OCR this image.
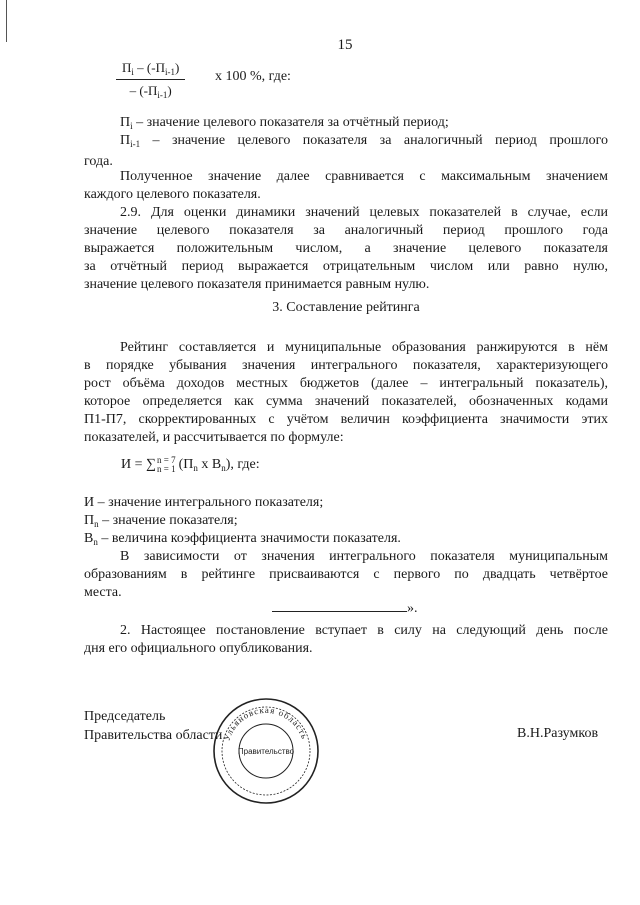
15
$П_i - (-П_{i-1})$
– $(-П_{i-1})$
x 100 %, где:

$П_i$ – значение целевого показателя за отчётный период;

$П_{i-1}$ – значение целевого показателя за аналогичный период прошлого
года.

Полученное значение далее сравнивается с максимальным значением
каждого целевого показателя.

2.9. Для оценки динамики значений целевых показателей в случае, если
значение целевого показателя за аналогичный период прошлого года
выражается положительным числом, а значение целевого показателя
за отчётный период выражается отрицательным числом или равно нулю,
значение целевого показателя принимается равным нулю.

3. Составление рейтинга

Рейтинг составляется и муниципальные образования ранжируются в нём
в порядке убывания значения интегрального показателя, характеризующего
рост объёма доходов местных бюджетов (далее – интегральный показатель),
которое определяется как сумма значений показателей, обозначенных кодами
П1-П7, скорректированных с учётом величин коэффициента значимости этих
показателей, и рассчитывается по формуле:

И = ∑n = 7
n = 1 ($П_n$ x $В_n$), где:

И – значение интегрального показателя;

$П_n$ – значение показателя;

$В_n$ – величина коэффициента значимости показателя.

В зависимости от значения интегрального показателя муниципальным
образованиям в рейтинге присваиваются с первого по двадцать четвёртое
места.

».

2. Настоящее постановление вступает в силу на следующий день после
дня его официального опубликования.

Председатель
Правительства области	В.Н.Разумков
Ульяновская область
Правительство
